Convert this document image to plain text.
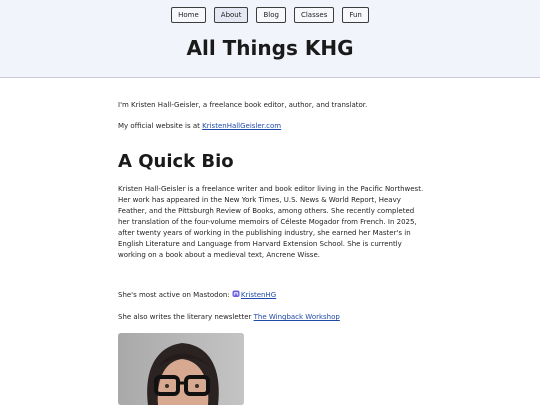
Home	About	Blog	Classes	Fun
All Things KHG

I'm Kristen Hall-Geisler, a freelance book editor, author, and translator.

My official website is at KristenHallGeisler.com

A Quick Bio

Kristen Hall-Geisler is a freelance writer and book editor living in the Pacific Northwest. Her work has appeared in the New York Times, U.S. News & World Report, Heavy Feather, and the Pittsburgh Review of Books, among others. She recently completed her translation of the four-volume memoirs of Céleste Mogador from French. In 2025, after twenty years of working in the publishing industry, she earned her Master's in English Literature and Language from Harvard Extension School. She is currently working on a book about a medieval text, Ancrene Wisse.

She's most active on Mastodon: KristenHG

She also writes the literary newsletter The Wingback Workshop
